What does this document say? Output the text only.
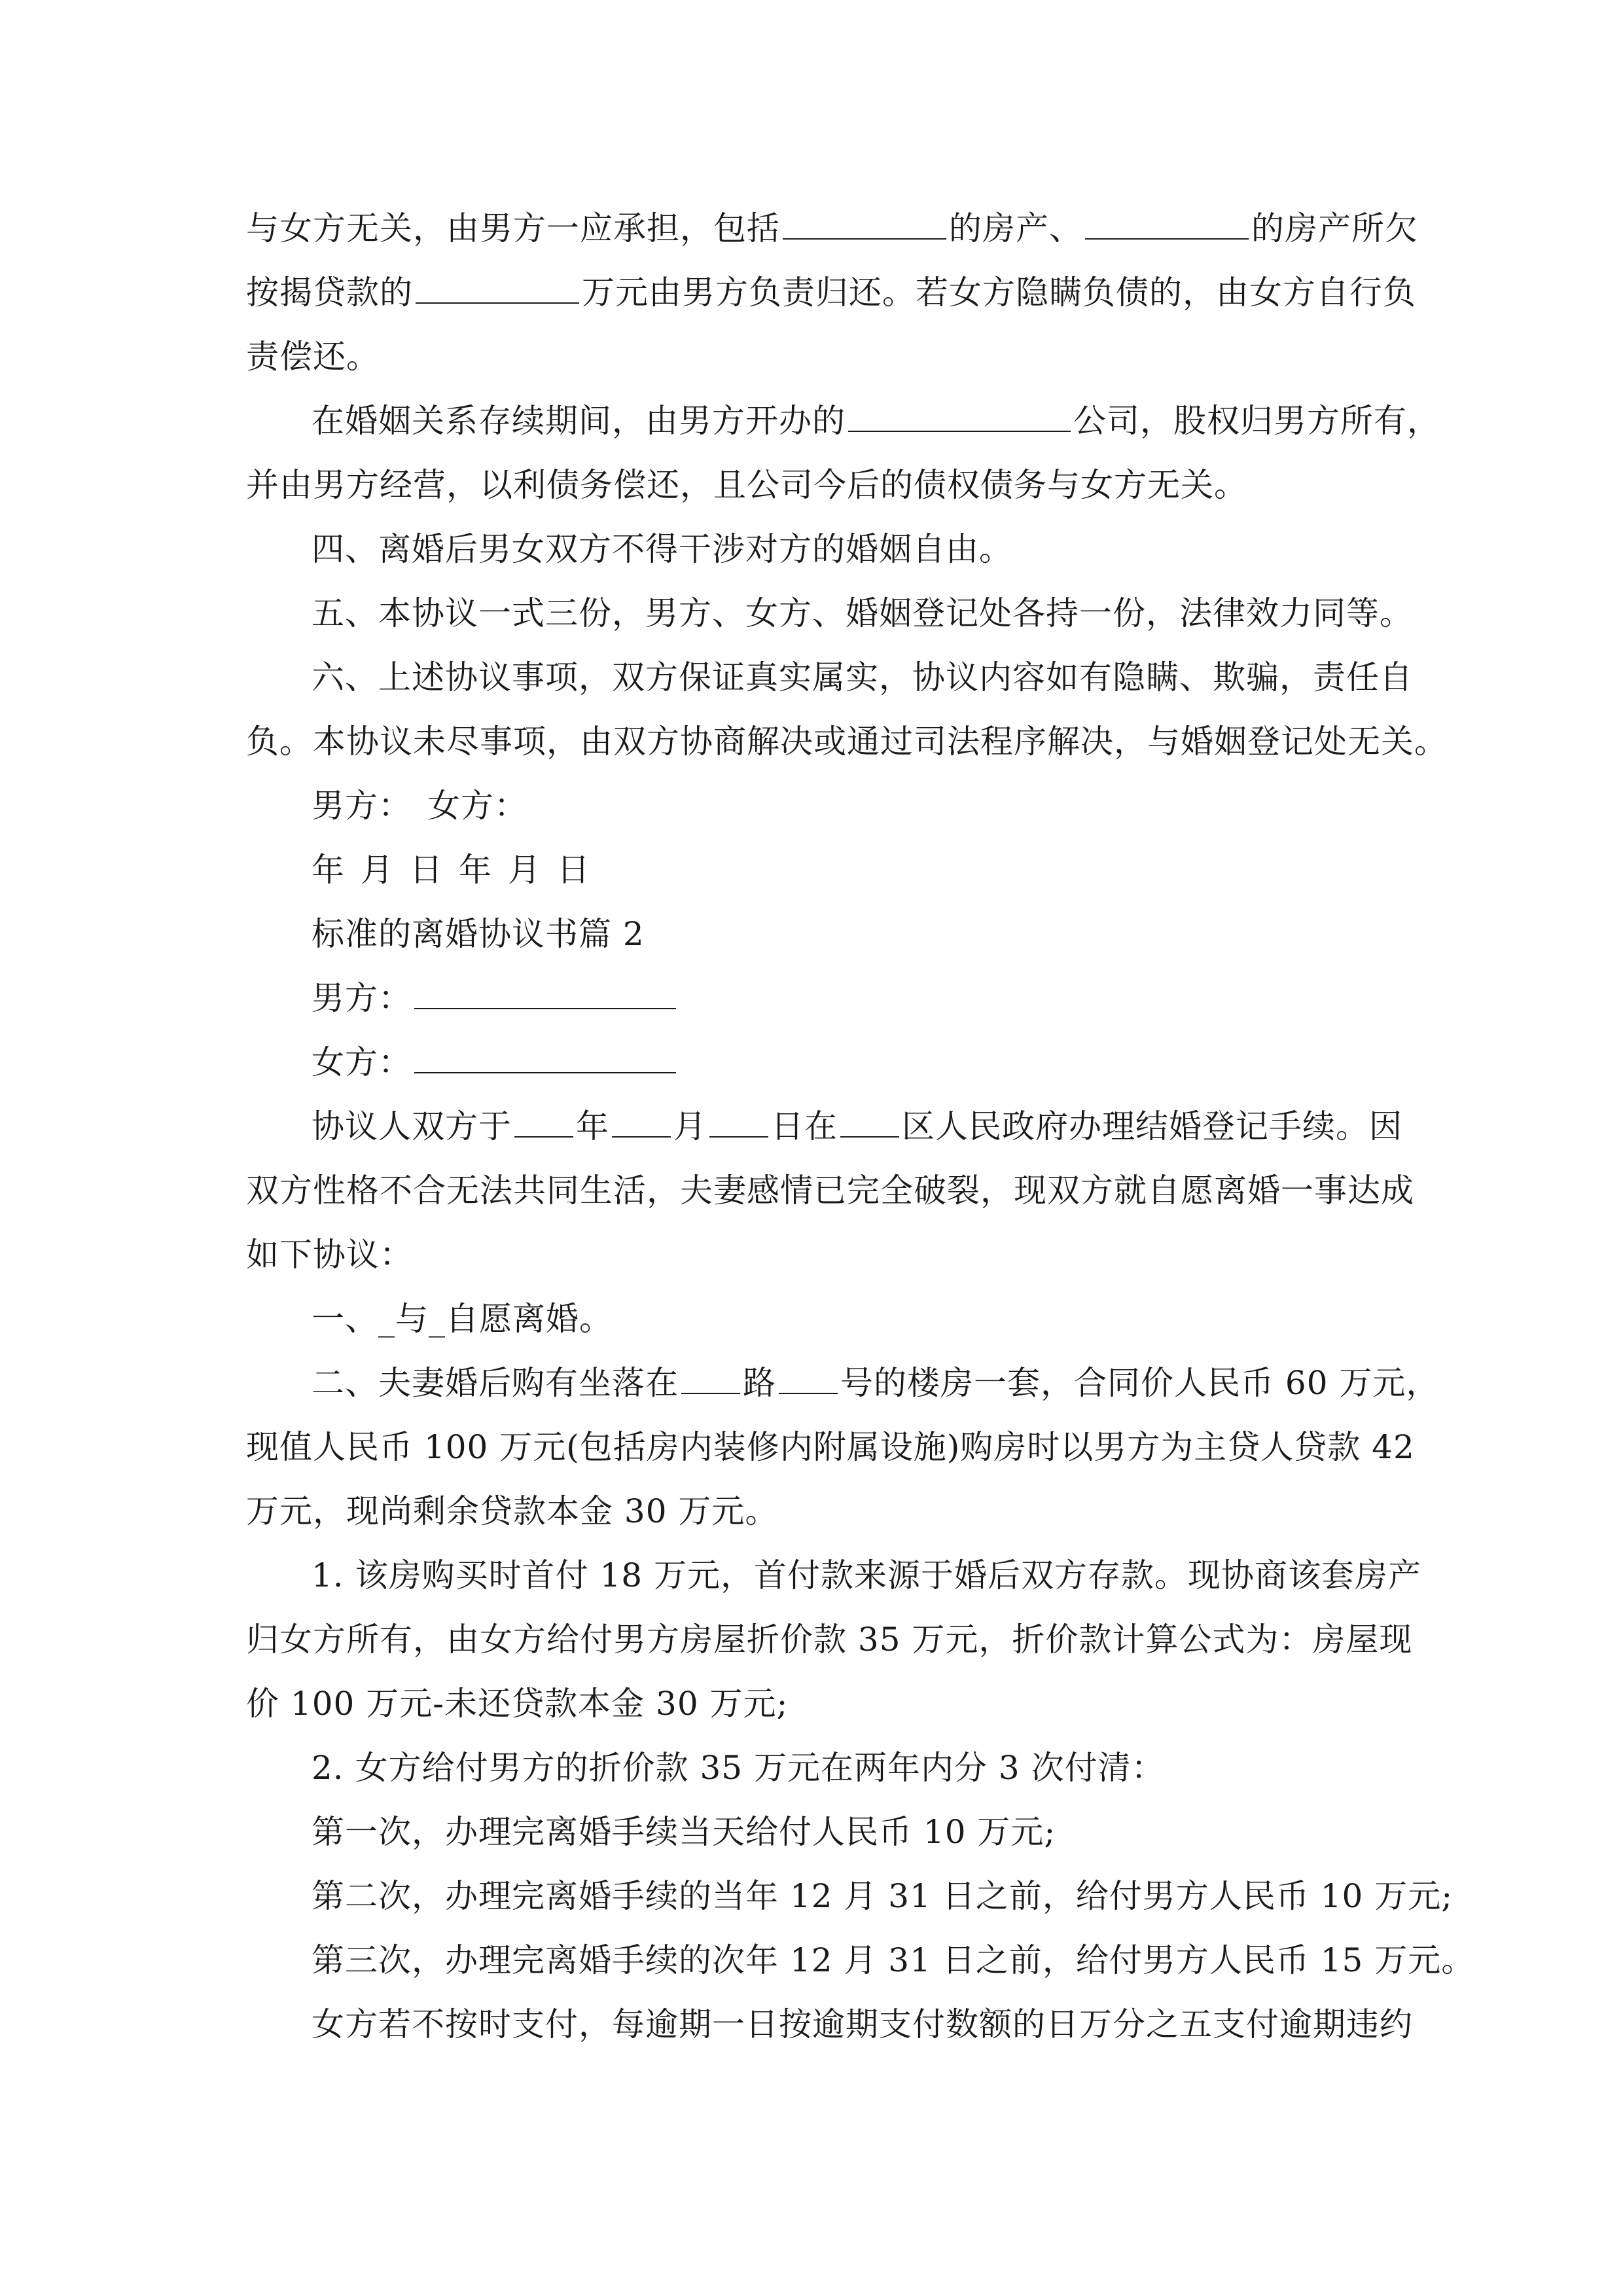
与女方无关，由男方一应承担，包括	的房产、	的房产所欠
按揭贷款的	万元由男方负责归还。若女方隐瞒负债的，由女方自行负
责偿还。
在婚姻关系存续期间，由男方开办的	公司，股权归男方所有，
并由男方经营，以利债务偿还，且公司今后的债权债务与女方无关。
四、离婚后男女双方不得干涉对方的婚姻自由。
五、本协议一式三份，男方、女方、婚姻登记处各持一份，法律效力同等。
六、上述协议事项，双方保证真实属实，协议内容如有隐瞒、欺骗，责任自
负。本协议未尽事项，由双方协商解决或通过司法程序解决，与婚姻登记处无关。
男方： 女方：
年 月 日 年 月 日
标准的离婚协议书篇 2
男方：
女方：
协议人双方于 年 月 日在 区人民政府办理结婚登记手续。因
双方性格不合无法共同生活，夫妻感情已完全破裂，现双方就自愿离婚一事达成
如下协议：
一、_与_自愿离婚。
二、夫妻婚后购有坐落在 路 号的楼房一套，合同价人民币 60 万元，
现值人民币 100 万元(包括房内装修内附属设施)购房时以男方为主贷人贷款 42
万元，现尚剩余贷款本金 30 万元。
1. 该房购买时首付 18 万元，首付款来源于婚后双方存款。现协商该套房产
归女方所有，由女方给付男方房屋折价款 35 万元，折价款计算公式为：房屋现
价 100 万元-未还贷款本金 30 万元;
2. 女方给付男方的折价款 35 万元在两年内分 3 次付清：
第一次，办理完离婚手续当天给付人民币 10 万元;
第二次，办理完离婚手续的当年 12 月 31 日之前，给付男方人民币 10 万元;
第三次，办理完离婚手续的次年 12 月 31 日之前，给付男方人民币 15 万元。
女方若不按时支付，每逾期一日按逾期支付数额的日万分之五支付逾期违约
